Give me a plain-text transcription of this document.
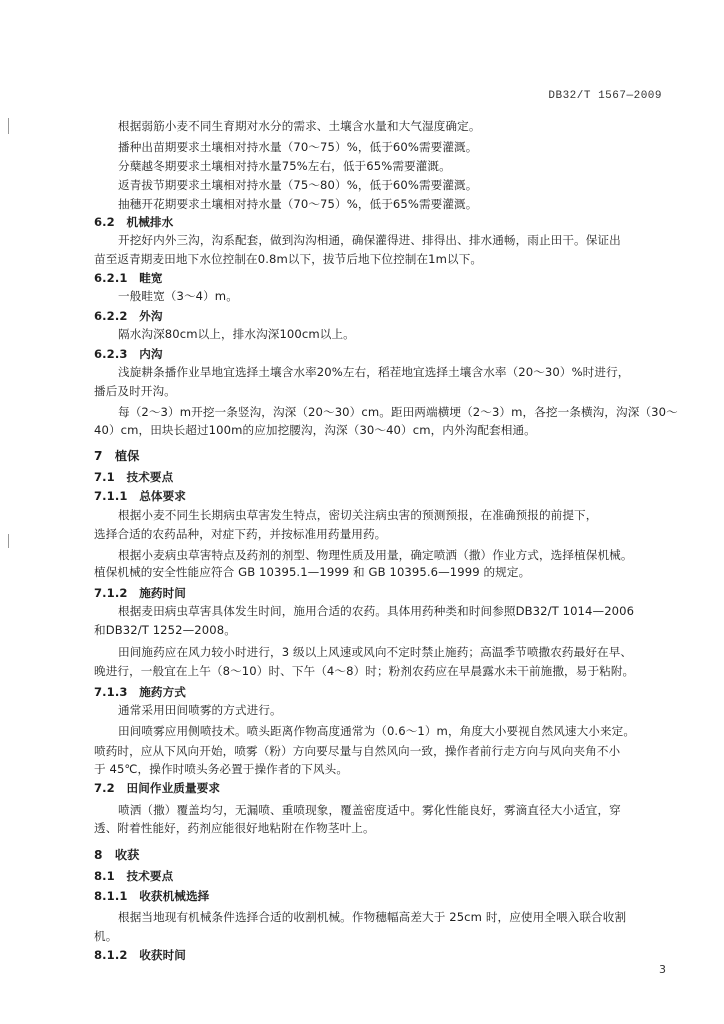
DB32/T 1567—2009
根据弱筋小麦不同生育期对水分的需求、土壤含水量和大气湿度确定。
播种出苗期要求土壤相对持水量（70～75）%，低于60%需要灌溉。
分蘖越冬期要求土壤相对持水量75%左右，低于65%需要灌溉。
返青拔节期要求土壤相对持水量（75～80）%，低于60%需要灌溉。
抽穗开花期要求土壤相对持水量（70～75）%，低于65%需要灌溉。
6.2　机械排水
开挖好内外三沟，沟系配套，做到沟沟相通，确保灌得进、排得出、排水通畅，雨止田干。保证出
苗至返青期麦田地下水位控制在0.8m以下，拔节后地下位控制在1m以下。
6.2.1　畦宽
一般畦宽（3～4）m。
6.2.2　外沟
隔水沟深80cm以上，排水沟深100cm以上。
6.2.3　内沟
浅旋耕条播作业旱地宜选择土壤含水率20%左右，稻茬地宜选择土壤含水率（20～30）%时进行，
播后及时开沟。
每（2～3）m开挖一条竖沟，沟深（20～30）cm。距田两端横埂（2～3）m，各挖一条横沟，沟深（30～
40）cm，田块长超过100m的应加挖腰沟，沟深（30～40）cm，内外沟配套相通。
7　植保
7.1　技术要点
7.1.1　总体要求
根据小麦不同生长期病虫草害发生特点，密切关注病虫害的预测预报，在准确预报的前提下，
选择合适的农药品种，对症下药，并按标准用药量用药。
根据小麦病虫草害特点及药剂的剂型、物理性质及用量，确定喷洒（撒）作业方式，选择植保机械。
植保机械的安全性能应符合 GB 10395.1—1999 和 GB 10395.6—1999 的规定。
7.1.2　施药时间
根据麦田病虫草害具体发生时间，施用合适的农药。具体用药种类和时间参照DB32/T 1014—2006
和DB32/T 1252—2008。
田间施药应在风力较小时进行，3 级以上风速或风向不定时禁止施药；高温季节喷撒农药最好在早、
晚进行，一般宜在上午（8～10）时、下午（4～8）时；粉剂农药应在早晨露水未干前施撒，易于粘附。
7.1.3　施药方式
通常采用田间喷雾的方式进行。
田间喷雾应用侧喷技术。喷头距离作物高度通常为（0.6～1）m，角度大小要视自然风速大小来定。
喷药时，应从下风向开始，喷雾（粉）方向要尽量与自然风向一致，操作者前行走方向与风向夹角不小
于 45℃，操作时喷头务必置于操作者的下风头。
7.2　田间作业质量要求
喷洒（撒）覆盖均匀，无漏喷、重喷现象，覆盖密度适中。雾化性能良好，雾滴直径大小适宜，穿
透、附着性能好，药剂应能很好地粘附在作物茎叶上。
8　收获
8.1　技术要点
8.1.1　收获机械选择
根据当地现有机械条件选择合适的收割机械。作物穗幅高差大于 25cm 时，应使用全喂入联合收割
机。
8.1.2　收获时间
3
